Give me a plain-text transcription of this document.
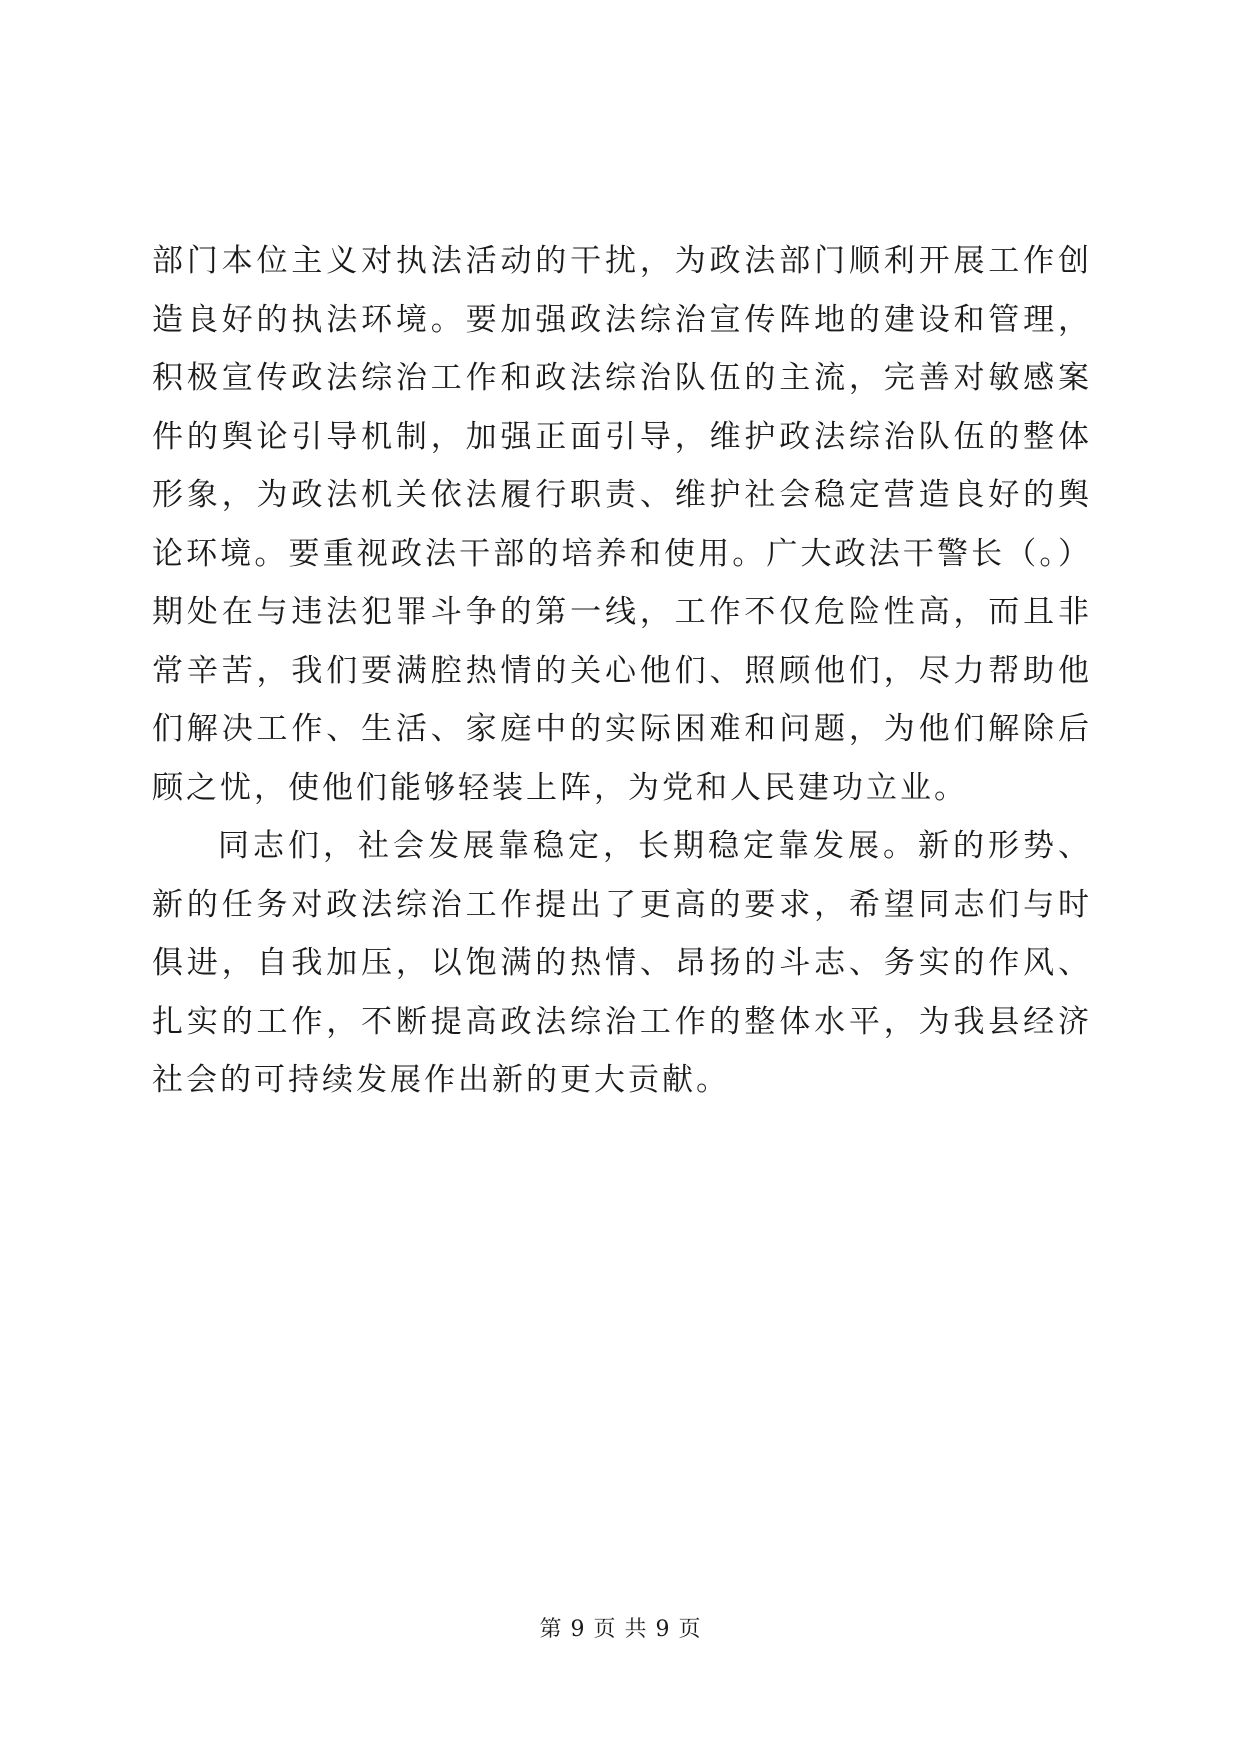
部门本位主义对执法活动的干扰，为政法部门顺利开展工作创造良好的执法环境。要加强政法综治宣传阵地的建设和管理，积极宣传政法综治工作和政法综治队伍的主流，完善对敏感案件的舆论引导机制，加强正面引导，维护政法综治队伍的整体形象，为政法机关依法履行职责、维护社会稳定营造良好的舆论环境。要重视政法干部的培养和使用。广大政法干警长（。）期处在与违法犯罪斗争的第一线，工作不仅危险性高，而且非常辛苦，我们要满腔热情的关心他们、照顾他们，尽力帮助他们解决工作、生活、家庭中的实际困难和问题，为他们解除后顾之忧，使他们能够轻装上阵，为党和人民建功立业。

同志们，社会发展靠稳定，长期稳定靠发展。新的形势、新的任务对政法综治工作提出了更高的要求，希望同志们与时俱进，自我加压，以饱满的热情、昂扬的斗志、务实的作风、扎实的工作，不断提高政法综治工作的整体水平，为我县经济社会的可持续发展作出新的更大贡献。

第 9 页 共 9 页
